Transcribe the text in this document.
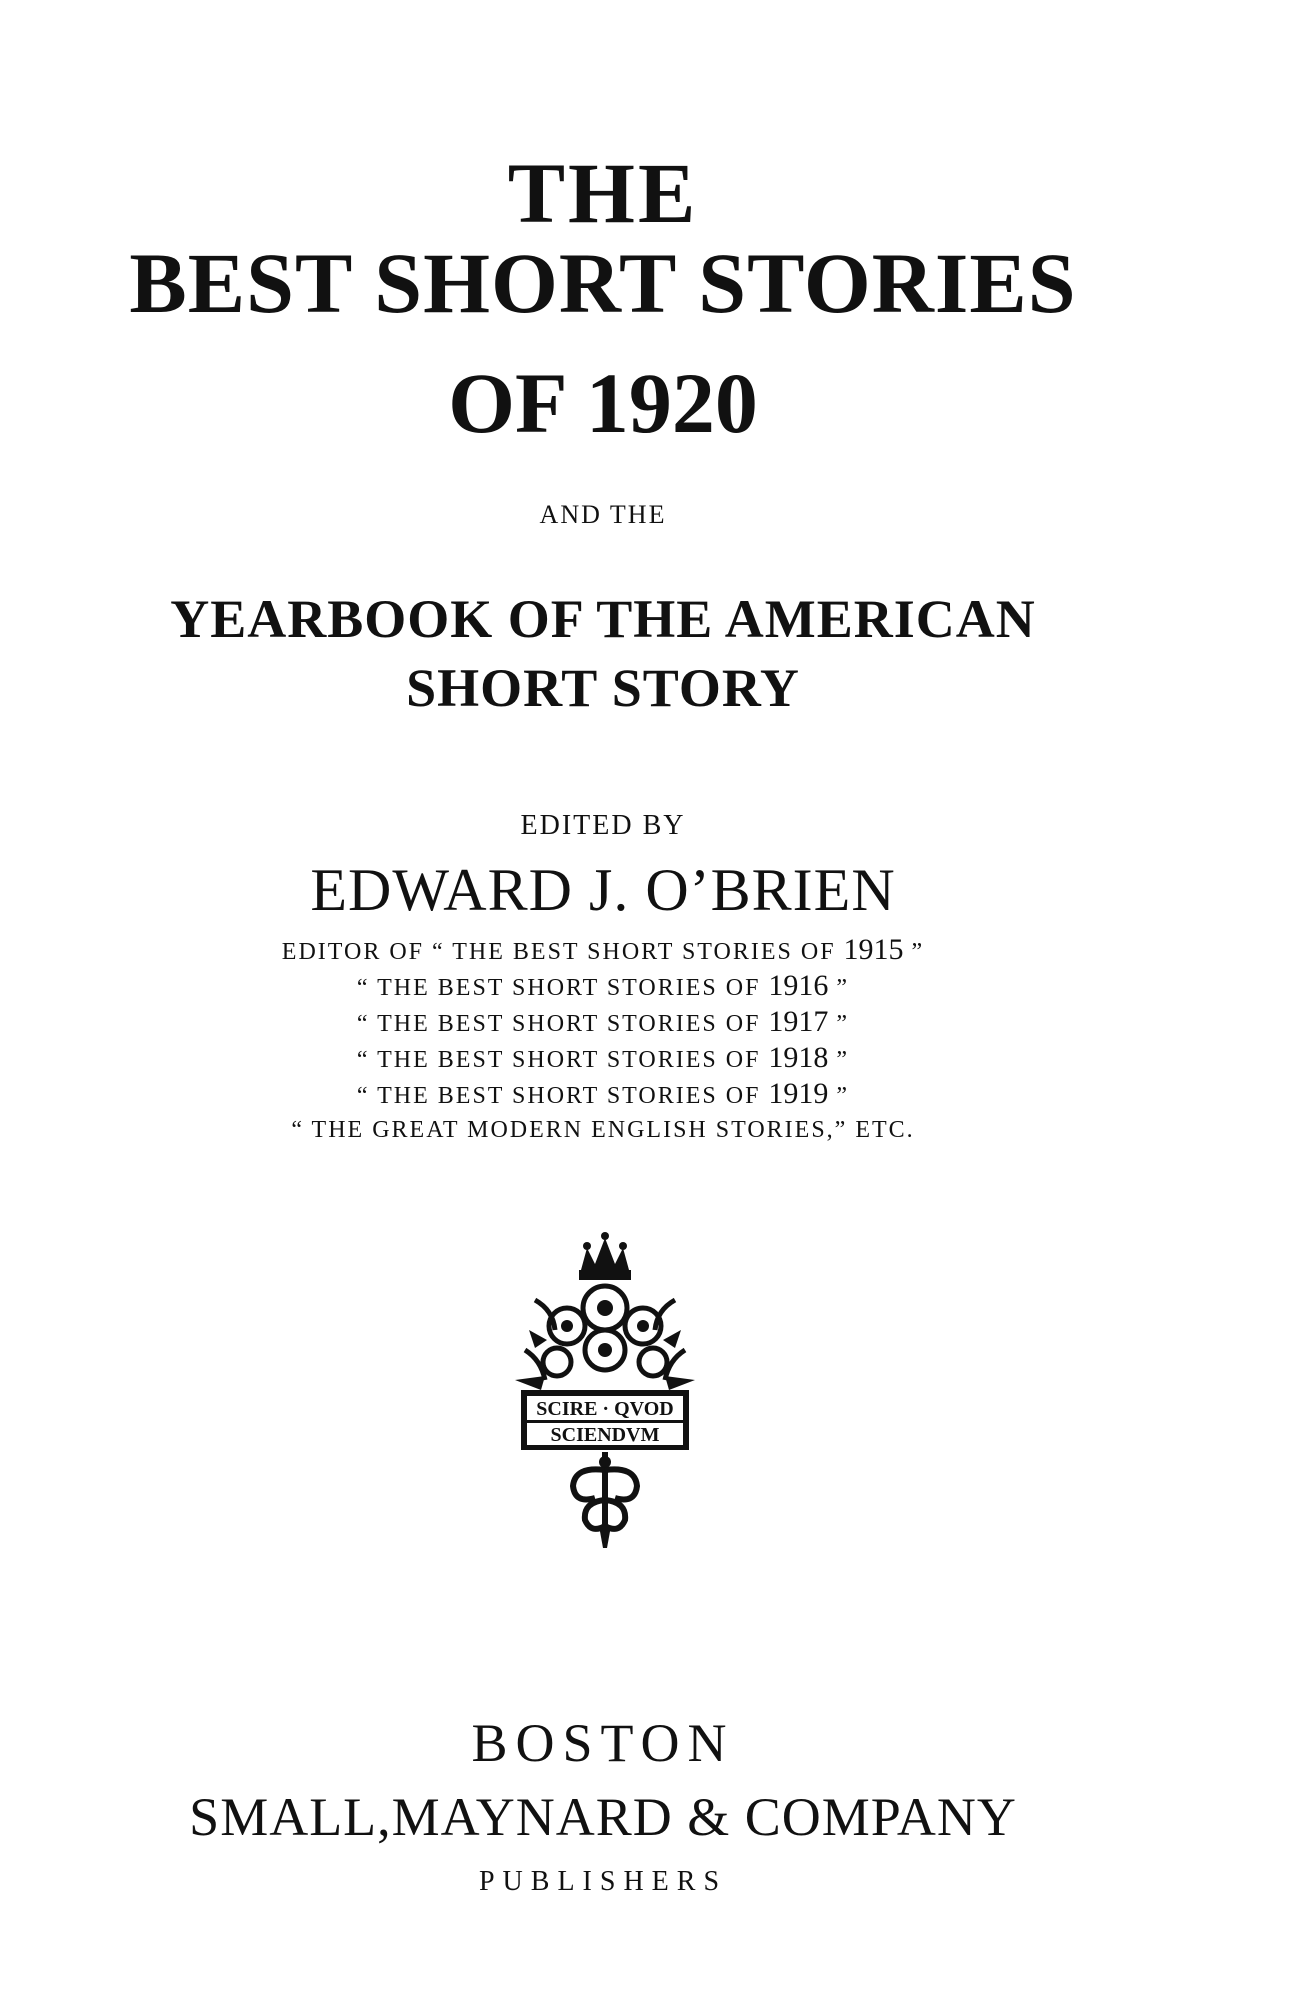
THE
BEST SHORT STORIES
OF 1920

AND THE

YEARBOOK OF THE AMERICAN
SHORT STORY

EDITED BY

EDWARD J. O’BRIEN

EDITOR OF “ THE BEST SHORT STORIES OF 1915 ”
“ THE BEST SHORT STORIES OF 1916 ”
“ THE BEST SHORT STORIES OF 1917 ”
“ THE BEST SHORT STORIES OF 1918 ”
“ THE BEST SHORT STORIES OF 1919 ”
“ THE GREAT MODERN ENGLISH STORIES,” ETC.
SCIRE · QVOD
SCIENDVM

BOSTON

SMALL,MAYNARD & COMPANY

PUBLISHERS
